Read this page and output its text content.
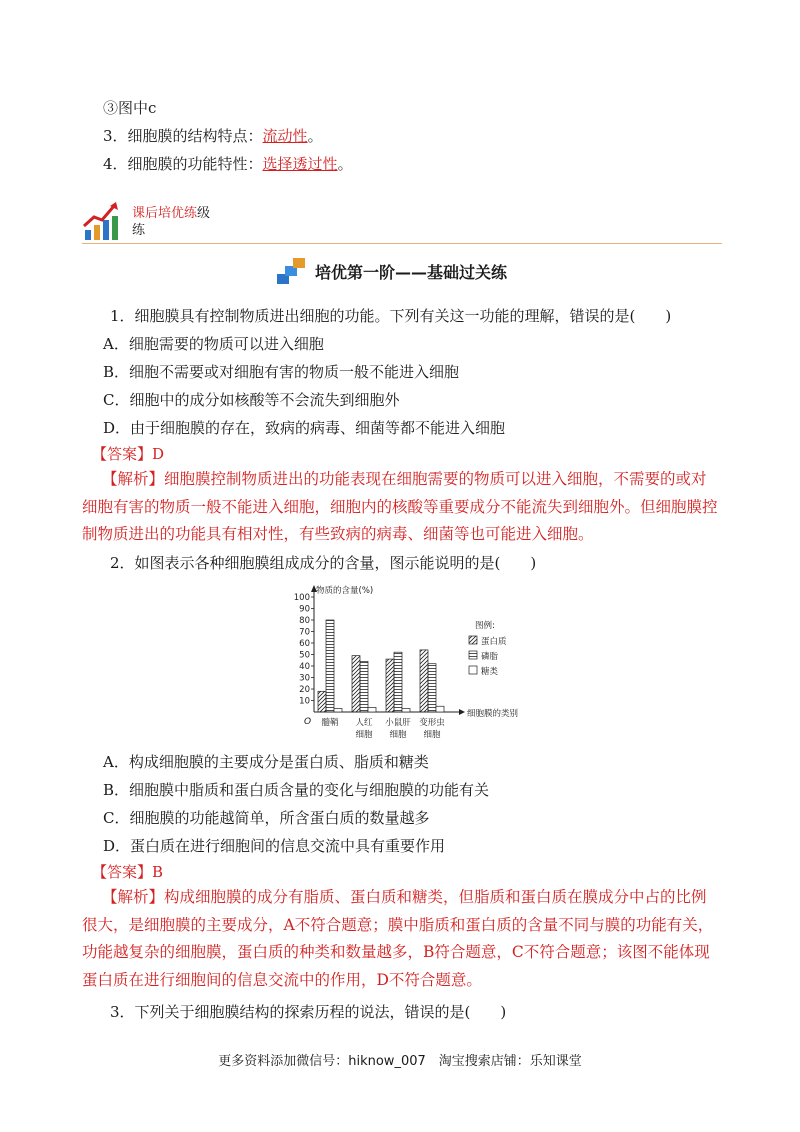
③图中c
3．细胞膜的结构特点：流动性。
4．细胞膜的功能特性：选择透过性。
课后培优练级
练
培优第一阶——基础过关练
1．细胞膜具有控制物质进出细胞的功能。下列有关这一功能的理解，错误的是(　　)
A．细胞需要的物质可以进入细胞
B．细胞不需要或对细胞有害的物质一般不能进入细胞
C．细胞中的成分如核酸等不会流失到细胞外
D．由于细胞膜的存在，致病的病毒、细菌等都不能进入细胞
【答案】D
【解析】细胞膜控制物质进出的功能表现在细胞需要的物质可以进入细胞，不需要的或对细胞有害的物质一般不能进入细胞，细胞内的核酸等重要成分不能流失到细胞外。但细胞膜控制物质进出的功能具有相对性，有些致病的病毒、细菌等也可能进入细胞。
2．如图表示各种细胞膜组成成分的含量，图示能说明的是(　　)
物质的含量(%)
细胞膜的类别
O
10
20
30
40
50
60
70
80
90
100
髓鞘 人红
细胞
小鼠肝
细胞
变形虫
细胞
图例:
蛋白质
磷脂
糖类
A．构成细胞膜的主要成分是蛋白质、脂质和糖类
B．细胞膜中脂质和蛋白质含量的变化与细胞膜的功能有关
C．细胞膜的功能越简单，所含蛋白质的数量越多
D．蛋白质在进行细胞间的信息交流中具有重要作用
【答案】B
【解析】构成细胞膜的成分有脂质、蛋白质和糖类，但脂质和蛋白质在膜成分中占的比例很大，是细胞膜的主要成分，A不符合题意；膜中脂质和蛋白质的含量不同与膜的功能有关，功能越复杂的细胞膜，蛋白质的种类和数量越多，B符合题意，C不符合题意；该图不能体现蛋白质在进行细胞间的信息交流中的作用，D不符合题意。
3．下列关于细胞膜结构的探索历程的说法，错误的是(　　)
更多资料添加微信号：hiknow_007　淘宝搜索店铺：乐知课堂
